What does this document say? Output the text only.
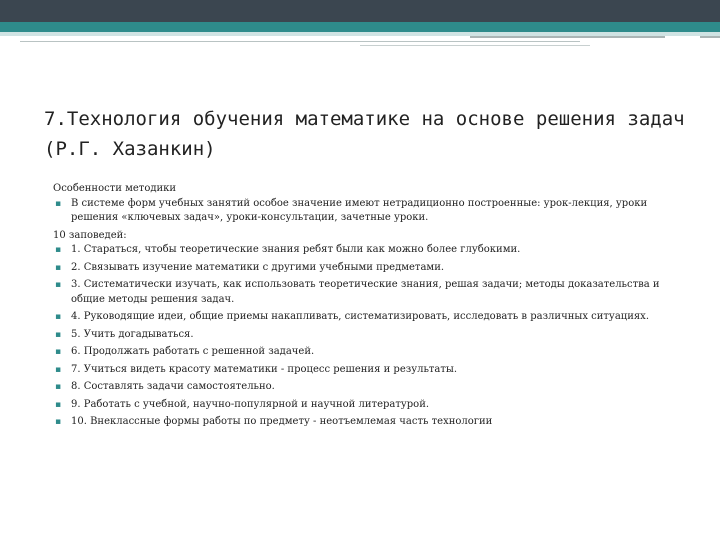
7.Технология обучения математике на основе решения задач (Р.Г. Хазанкин)

Особенности методики

▪ В системе форм учебных занятий особое значение имеют нетрадиционно построенные: урок-лекция, уроки решения «ключевых задач», уроки-консультации, зачетные уроки.

10 заповедей:

▪ 1. Стараться, чтобы теоретические знания ребят были как можно более глубокими.
▪ 2. Связывать изучение математики с другими учебными предметами.
▪ 3. Систематически изучать, как использовать теоретические знания, решая задачи; методы доказательства и общие методы решения задач.
▪ 4. Руководящие идеи, общие приемы накапливать, систематизировать, исследовать в различных ситуациях.
▪ 5. Учить догадываться.
▪ 6. Продолжать работать с решенной задачей.
▪ 7. Учиться видеть красоту математики - процесс решения и результаты.
▪ 8. Составлять задачи самостоятельно.
▪ 9. Работать с учебной, научно-популярной и научной литературой.
▪ 10. Внеклассные формы работы по предмету - неотъемлемая часть технологии
